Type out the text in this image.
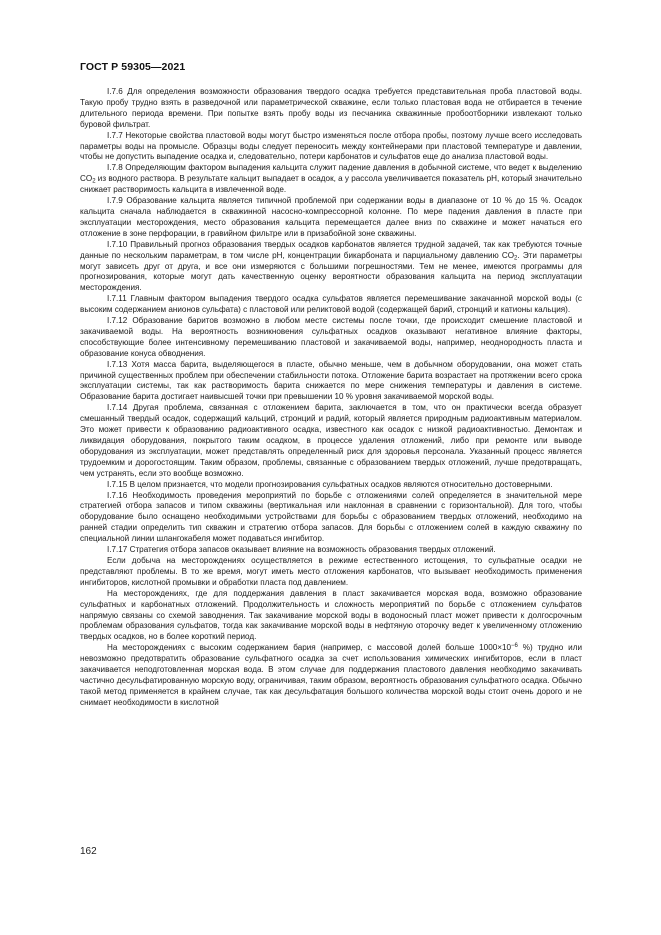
ГОСТ Р 59305—2021

I.7.6 Для определения возможности образования твердого осадка требуется представительная проба пластовой воды. Такую пробу трудно взять в разведочной или параметрической скважине, если только пластовая вода не отбирается в течение длительного периода времени. При попытке взять пробу воды из песчаника скважинные пробоотборники извлекают только буровой фильтрат.

I.7.7 Некоторые свойства пластовой воды могут быстро изменяться после отбора пробы, поэтому лучше всего исследовать параметры воды на промысле. Образцы воды следует переносить между контейнерами при пластовой температуре и давлении, чтобы не допустить выпадение осадка и, следовательно, потери карбонатов и сульфатов еще до анализа пластовой воды.

I.7.8 Определяющим фактором выпадения кальцита служит падение давления в добычной системе, что ведет к выделению $CO_2$ из водного раствора. В результате кальцит выпадает в осадок, а у рассола увеличивается показатель pH, который значительно снижает растворимость кальцита в извлеченной воде.

I.7.9 Образование кальцита является типичной проблемой при содержании воды в диапазоне от 10 % до 15 %. Осадок кальцита сначала наблюдается в скважинной насосно-компрессорной колонне. По мере падения давления в пласте при эксплуатации месторождения, место образования кальцита перемещается далее вниз по скважине и может начаться его отложение в зоне перфорации, в гравийном фильтре или в призабойной зоне скважины.

I.7.10 Правильный прогноз образования твердых осадков карбонатов является трудной задачей, так как требуются точные данные по нескольким параметрам, в том числе pH, концентрации бикарбоната и парциальному давлению $CO_2$. Эти параметры могут зависеть друг от друга, и все они измеряются с большими погрешностями. Тем не менее, имеются программы для прогнозирования, которые могут дать качественную оценку вероятности образования кальцита на период эксплуатации месторождения.

I.7.11 Главным фактором выпадения твердого осадка сульфатов является перемешивание закачанной морской воды (с высоким содержанием анионов сульфата) с пластовой или реликтовой водой (содержащей барий, стронций и катионы кальция).

I.7.12 Образование баритов возможно в любом месте системы после точки, где происходит смешение пластовой и закачиваемой воды. На вероятность возникновения сульфатных осадков оказывают негативное влияние факторы, способствующие более интенсивному перемешиванию пластовой и закачиваемой воды, например, неоднородность пласта и образование конуса обводнения.

I.7.13 Хотя масса барита, выделяющегося в пласте, обычно меньше, чем в добычном оборудовании, она может стать причиной существенных проблем при обеспечении стабильности потока. Отложение барита возрастает на протяжении всего срока эксплуатации системы, так как растворимость барита снижается по мере снижения температуры и давления в системе. Образование барита достигает наивысшей точки при превышении 10 % уровня закачиваемой морской воды.

I.7.14 Другая проблема, связанная с отложением барита, заключается в том, что он практически всегда образует смешанный твердый осадок, содержащий кальций, стронций и радий, который является природным радиоактивным материалом. Это может привести к образованию радиоактивного осадка, известного как осадок с низкой радиоактивностью. Демонтаж и ликвидация оборудования, покрытого таким осадком, в процессе удаления отложений, либо при ремонте или выводе оборудования из эксплуатации, может представлять определенный риск для здоровья персонала. Указанный процесс является трудоемким и дорогостоящим. Таким образом, проблемы, связанные с образованием твердых отложений, лучше предотвращать, чем устранять, если это вообще возможно.

I.7.15 В целом признается, что модели прогнозирования сульфатных осадков являются относительно достоверными.

I.7.16 Необходимость проведения мероприятий по борьбе с отложениями солей определяется в значительной мере стратегией отбора запасов и типом скважины (вертикальная или наклонная в сравнении с горизонтальной). Для того, чтобы оборудование было оснащено необходимыми устройствами для борьбы с образованием твердых отложений, необходимо на ранней стадии определить тип скважин и стратегию отбора запасов. Для борьбы с отложением солей в каждую скважину по специальной линии шлангокабеля может подаваться ингибитор.

I.7.17 Стратегия отбора запасов оказывает влияние на возможность образования твердых отложений.

Если добыча на месторождениях осуществляется в режиме естественного истощения, то сульфатные осадки не представляют проблемы. В то же время, могут иметь место отложения карбонатов, что вызывает необходимость применения ингибиторов, кислотной промывки и обработки пласта под давлением.

На месторождениях, где для поддержания давления в пласт закачивается морская вода, возможно образование сульфатных и карбонатных отложений. Продолжительность и сложность мероприятий по борьбе с отложением сульфатов напрямую связаны со схемой заводнения. Так закачивание морской воды в водоносный пласт может привести к долгосрочным проблемам образования сульфатов, тогда как закачивание морской воды в нефтяную оторочку ведет к увеличенному отложению твердых осадков, но в более короткий период.

На месторождениях с высоким содержанием бария (например, с массовой долей больше $1000\times 10^{-6}$ %) трудно или невозможно предотвратить образование сульфатного осадка за счет использования химических ингибиторов, если в пласт закачивается неподготовленная морская вода. В этом случае для поддержания пластового давления необходимо закачивать частично десульфатированную морскую воду, ограничивая, таким образом, вероятность образования сульфатного осадка. Обычно такой метод применяется в крайнем случае, так как десульфатация большого количества морской воды стоит очень дорого и не снимает необходимости в кислотной

162
